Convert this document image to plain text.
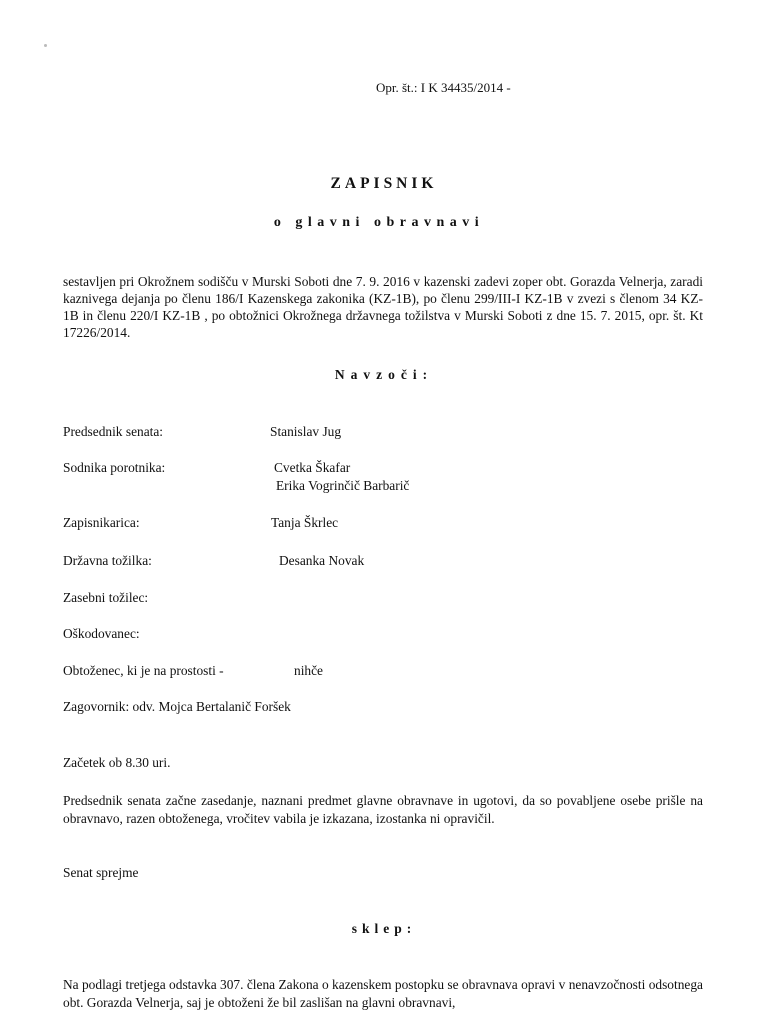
Opr. št.: I K 34435/2014 -
ZAPISNIK
o glavni obravnavi
sestavljen pri Okrožnem sodišču v Murski Soboti dne 7. 9. 2016 v kazenski zadevi zoper obt. Gorazda Velnerja, zaradi kaznivega dejanja po členu 186/I Kazenskega zakonika (KZ-1B), po členu 299/III-I KZ-1B v zvezi s členom 34 KZ-1B in členu 220/I KZ-1B , po obtožnici Okrožnega državnega tožilstva v Murski Soboti z dne 15. 7. 2015, opr. št. Kt 17226/2014.
Navzoči:
Predsednik senata:	Stanislav Jug
Sodnika porotnika:	Cvetka Škafar
Erika Vogrinčič Barbarič
Zapisnikarica:	Tanja Škrlec
Državna tožilka:	Desanka Novak
Zasebni tožilec:
Oškodovanec:
Obtoženec, ki je na prostosti -	nihče
Zagovornik: odv. Mojca Bertalanič Foršek
Začetek ob 8.30 uri.
Predsednik senata začne zasedanje, naznani predmet glavne obravnave in ugotovi, da so povabljene osebe prišle na obravnavo, razen obtoženega, vročitev vabila je izkazana, izostanka ni opravičil.
Senat sprejme
sklep:
Na podlagi tretjega odstavka 307. člena Zakona o kazenskem postopku se obravnava opravi v nenavzočnosti odsotnega obt. Gorazda Velnerja, saj je obtoženi že bil zaslišan na glavni obravnavi,
